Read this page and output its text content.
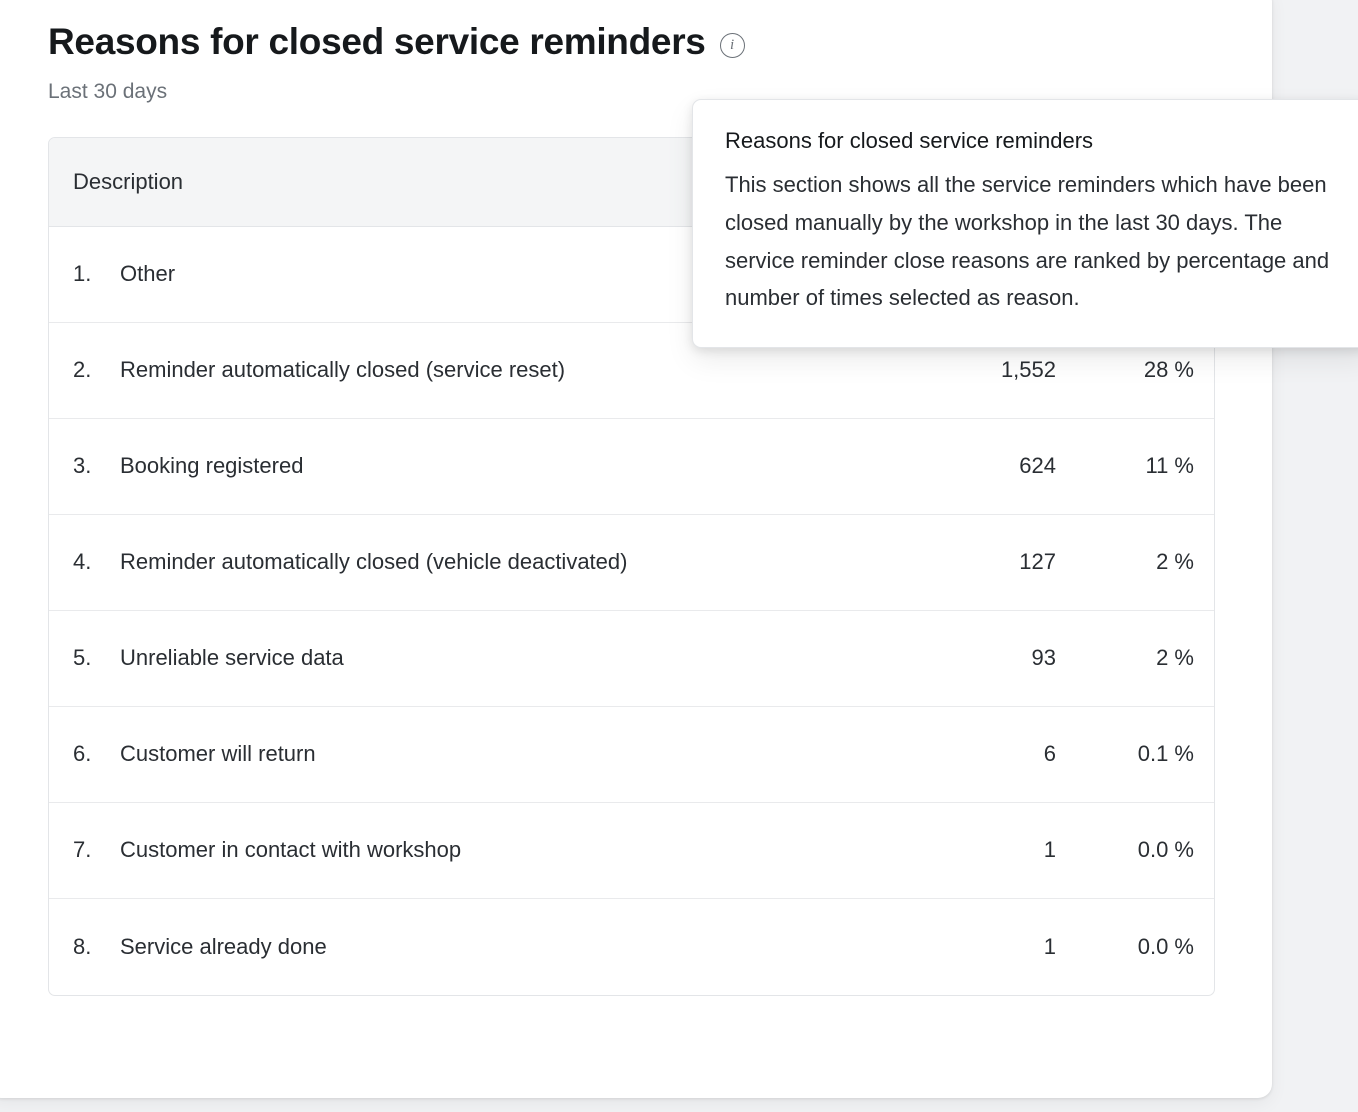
Reasons for closed service reminders	i
Last 30 days
Description
1.	Other
2.	Reminder automatically closed (service reset)	1,552	28 %
3.	Booking registered	624	11 %
4.	Reminder automatically closed (vehicle deactivated)	127	2 %
5.	Unreliable service data	93	2 %
6.	Customer will return	6	0.1 %
7.	Customer in contact with workshop	1	0.0 %
8.	Service already done	1	0.0 %
Reasons for closed service reminders
This section shows all the service reminders which have been closed manually by the workshop in the last 30 days. The service reminder close reasons are ranked by percentage and number of times selected as reason.
